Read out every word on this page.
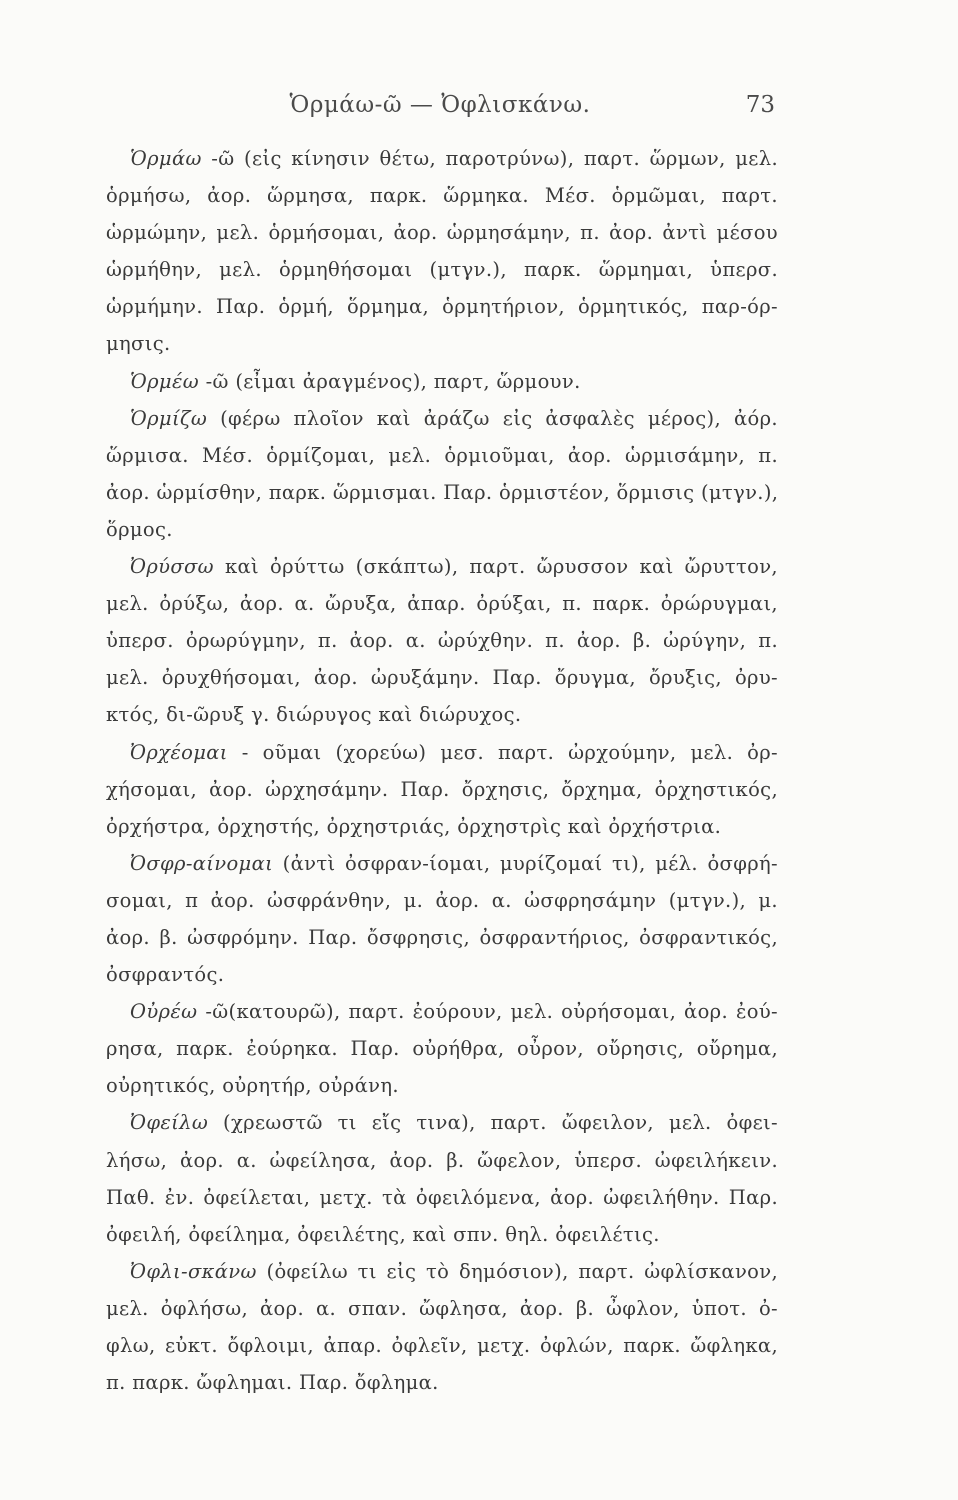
Ὁρμάω-ῶ — Ὀφλισκάνω.	73
Ὁρμάω -ῶ (εἰς κίνησιν θέτω, παροτρύνω), παρτ. ὥρμων, μελ.
ὁρμήσω, ἀορ. ὥρμησα, παρκ. ὥρμηκα. Μέσ. ὁρμῶμαι, παρτ.
ὡρμώμην, μελ. ὁρμήσομαι, ἀορ. ὡρμησάμην, π. ἀορ. ἀντὶ μέσου
ὡρμήθην, μελ. ὁρμηθήσομαι (μτγν.), παρκ. ὥρμημαι, ὑπερσ.
ὡρμήμην. Παρ. ὁρμή, ὅρμημα, ὁρμητήριον, ὁρμητικός, παρ-όρ-
μησις.
Ὁρμέω -ῶ (εἶμαι ἀραγμένος), παρτ, ὥρμουν.
Ὁρμίζω (φέρω πλοῖον καὶ ἀράζω εἰς ἀσφαλὲς μέρος), ἀόρ.
ὥρμισα. Μέσ. ὁρμίζομαι, μελ. ὁρμιοῦμαι, ἀορ. ὡρμισάμην, π.
ἀορ. ὡρμίσθην, παρκ. ὥρμισμαι. Παρ. ὁρμιστέον, ὅρμισις (μτγν.),
ὅρμος.
Ὀρύσσω καὶ ὀρύττω (σκάπτω), παρτ. ὤρυσσον καὶ ὤρυττον,
μελ. ὀρύξω, ἀορ. α. ὤρυξα, ἀπαρ. ὀρύξαι, π. παρκ. ὀρώρυγμαι,
ὑπερσ. ὀρωρύγμην, π. ἀορ. α. ὠρύχθην. π. ἀορ. β. ὠρύγην, π.
μελ. ὀρυχθήσομαι, ἀορ. ὠρυξάμην. Παρ. ὄρυγμα, ὄρυξις, ὀρυ-
κτός, δι-ῶρυξ γ. διώρυγος καὶ διώρυχος.
Ὀρχέομαι - οῦμαι (χορεύω) μεσ. παρτ. ὠρχούμην, μελ. ὀρ-
χήσομαι, ἀορ. ὠρχησάμην. Παρ. ὄρχησις, ὄρχημα, ὀρχηστικός,
ὀρχήστρα, ὀρχηστής, ὀρχηστριάς, ὀρχηστρὶς καὶ ὀρχήστρια.
Ὀσφρ-αίνομαι (ἀντὶ ὀσφραν-ίομαι, μυρίζομαί τι), μέλ. ὀσφρή-
σομαι, π ἀορ. ὠσφράνθην, μ. ἀορ. α. ὠσφρησάμην (μτγν.), μ.
ἀορ. β. ὠσφρόμην. Παρ. ὄσφρησις, ὀσφραντήριος, ὀσφραντικός,
ὀσφραντός.
Οὐρέω -ῶ(κατουρῶ), παρτ. ἐούρουν, μελ. οὐρήσομαι, ἀορ. ἐού-
ρησα, παρκ. ἐούρηκα. Παρ. οὐρήθρα, οὖρον, οὔρησις, οὔρημα,
οὐρητικός, οὐρητήρ, οὐράνη.
Ὀφείλω (χρεωστῶ τι εἴς τινα), παρτ. ὤφειλον, μελ. ὀφει-
λήσω, ἀορ. α. ὠφείλησα, ἀορ. β. ὤφελον, ὑπερσ. ὠφειλήκειν.
Παθ. ἐν. ὀφείλεται, μετχ. τὰ ὀφειλόμενα, ἀορ. ὠφειλήθην. Παρ.
ὀφειλή, ὀφείλημα, ὀφειλέτης, καὶ σπν. θηλ. ὀφειλέτις.
Ὀφλι-σκάνω (ὀφείλω τι εἰς τὸ δημόσιον), παρτ. ὠφλίσκανον,
μελ. ὀφλήσω, ἀορ. α. σπαν. ὤφλησα, ἀορ. β. ὦφλον, ὑποτ. ὀ-
φλω, εὐκτ. ὄφλοιμι, ἀπαρ. ὀφλεῖν, μετχ. ὀφλών, παρκ. ὤφληκα,
π. παρκ. ὤφλημαι. Παρ. ὄφλημα.
